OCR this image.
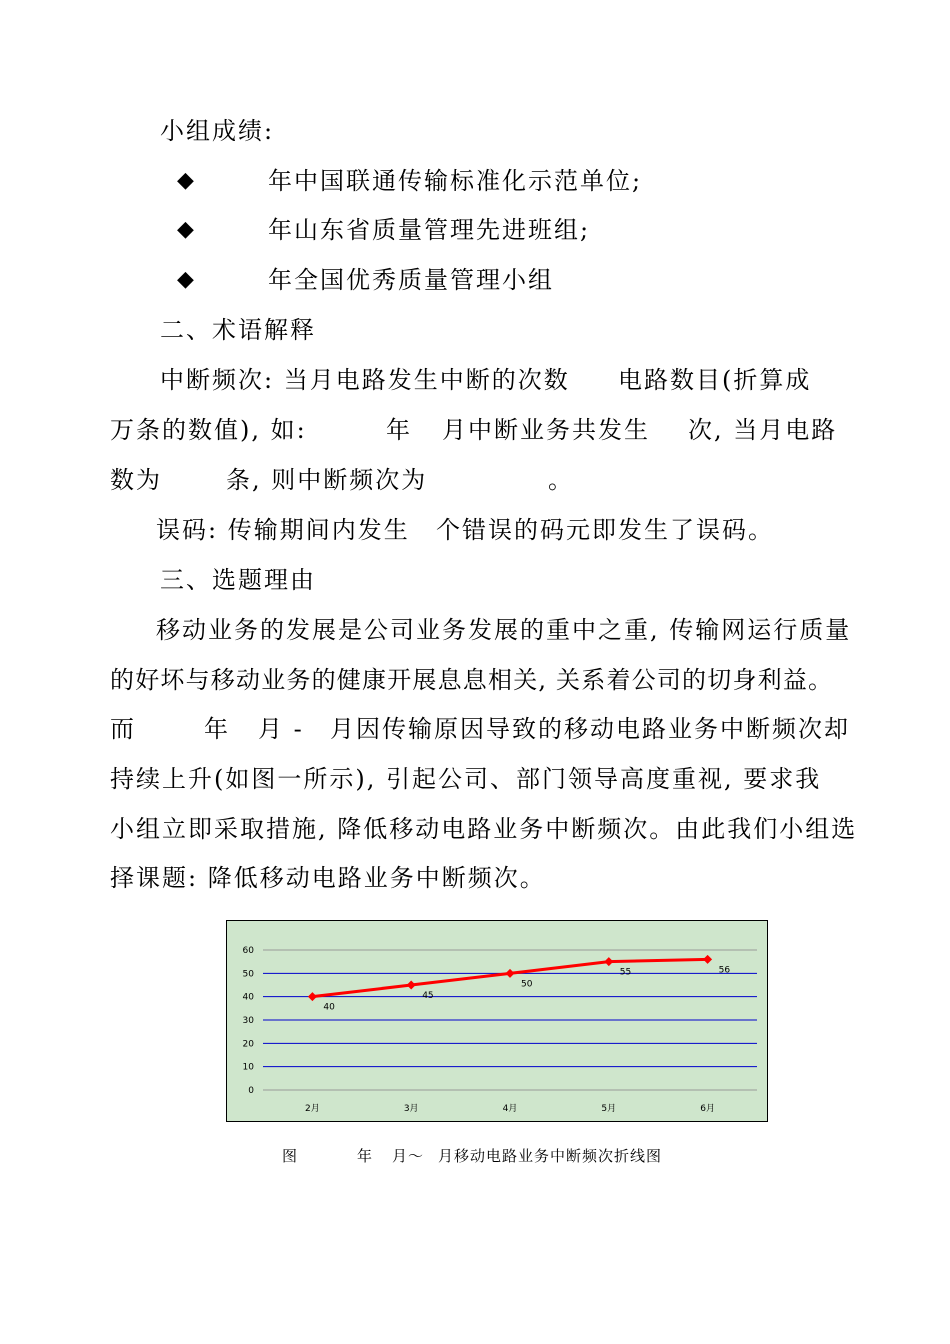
小组成绩:
◆	年中国联通传输标准化示范单位;
◆	年山东省质量管理先进班组;
◆	年全国优秀质量管理小组
二、术语解释
中断频次: 当月电路发生中断的次数 电路数目(折算成
万条的数值), 如:	年 月中断业务共发生 次, 当月电路
数为	条, 则中断频次为	。
误码: 传输期间内发生 个错误的码元即发生了误码。
三、选题理由
移动业务的发展是公司业务发展的重中之重, 传输网运行质量
的好坏与移动业务的健康开展息息相关, 关系着公司的切身利益。
而	年 月 - 月因传输原因导致的移动电路业务中断频次却
持续上升(如图一所示), 引起公司、部门领导高度重视, 要求我
小组立即采取措施, 降低移动电路业务中断频次。由此我们小组选
择课题: 降低移动电路业务中断频次。
0
10
20
30
40
50
60
2月	3月	4月	5月	6月
40
45
50
55	56
图	年 月～ 月移动电路业务中断频次折线图
